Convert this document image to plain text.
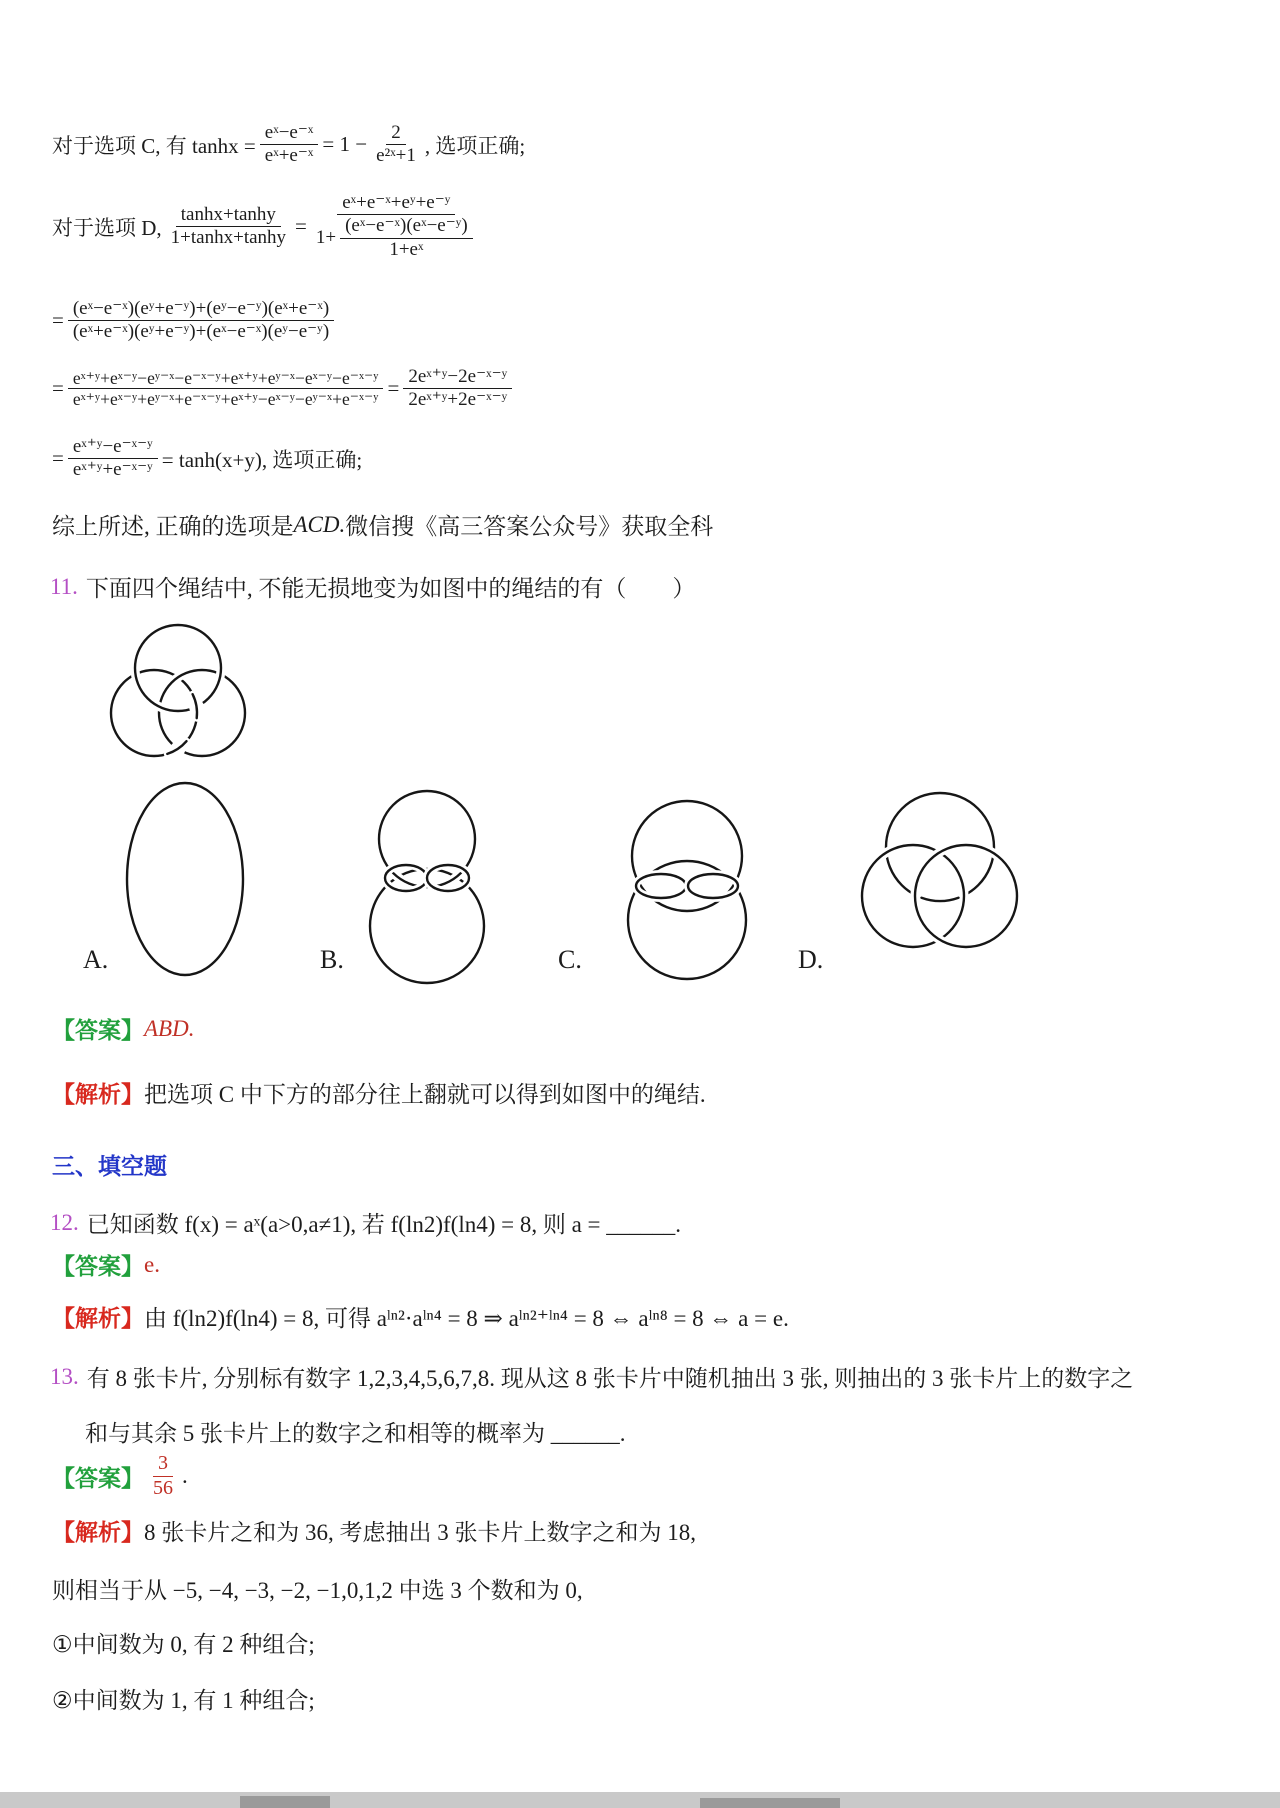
对于选项 C, 有 $\tanh x = \frac{\text{eˣ−e⁻ˣ}}{\text{eˣ+e⁻ˣ}} = 1 - \frac{2}{\text{e²ˣ+1}}$ , 选项正确;
对于选项 D, $\frac{\tanh x+\tanh y}{1+\tanh x+\tanh y} = \frac{\text{eˣ+e⁻ˣ+eʸ+e⁻ʸ}}{1+ \frac{\text{(eˣ−e⁻ˣ)(eˣ−e⁻ʸ)}}{\text{1+eˣ}}}$
= $\frac{\text{(eˣ−e⁻ˣ)(eʸ+e⁻ʸ)+(eʸ−e⁻ʸ)(eˣ+e⁻ˣ)}}{\text{(eˣ+e⁻ˣ)(eʸ+e⁻ʸ)+(eˣ−e⁻ˣ)(eʸ−e⁻ʸ)}}$
= $\frac{\text{eˣ⁺ʸ+eˣ⁻ʸ−eʸ⁻ˣ−e⁻ˣ⁻ʸ+eˣ⁺ʸ+eʸ⁻ˣ−eˣ⁻ʸ−e⁻ˣ⁻ʸ}}{\text{eˣ⁺ʸ+eˣ⁻ʸ+eʸ⁻ˣ+e⁻ˣ⁻ʸ+eˣ⁺ʸ−eˣ⁻ʸ−eʸ⁻ˣ+e⁻ˣ⁻ʸ}} = \frac{\text{2eˣ⁺ʸ−2e⁻ˣ⁻ʸ}}{\text{2eˣ⁺ʸ+2e⁻ˣ⁻ʸ}}$
= $\frac{\text{eˣ⁺ʸ−e⁻ˣ⁻ʸ}}{\text{eˣ⁺ʸ+e⁻ˣ⁻ʸ}} = \tanh(x+y)$, 选项正确;
综上所述, 正确的选项是 ACD. 微信搜《高三答案公众号》获取全科
11. 下面四个绳结中, 不能无损地变为如图中的绳结的有（　　）
A.	B.	C.	D.
【答案】 ABD.
【解析】 把选项 C 中下方的部分往上翻就可以得到如图中的绳结.
三、填空题
12. 已知函数 f(x) = aˣ(a>0,a≠1), 若 f(ln2)f(ln4) = 8, 则 a = ______.
【答案】 e.
【解析】 由 f(ln2)f(ln4) = 8, 可得 aˡⁿ²·aˡⁿ⁴ = 8 ⇒ aˡⁿ²⁺ˡⁿ⁴ = 8 ⇔ aˡⁿ⁸ = 8 ⇔ a = e.
13. 有 8 张卡片, 分别标有数字 1,2,3,4,5,6,7,8. 现从这 8 张卡片中随机抽出 3 张, 则抽出的 3 张卡片上的数字之
和与其余 5 张卡片上的数字之和相等的概率为 ______.
【答案】 $\frac{3}{56}$ .
【解析】 8 张卡片之和为 36, 考虑抽出 3 张卡片上数字之和为 18,
则相当于从 −5, −4, −3, −2, −1,0,1,2 中选 3 个数和为 0,
①中间数为 0, 有 2 种组合;
②中间数为 1, 有 1 种组合;
